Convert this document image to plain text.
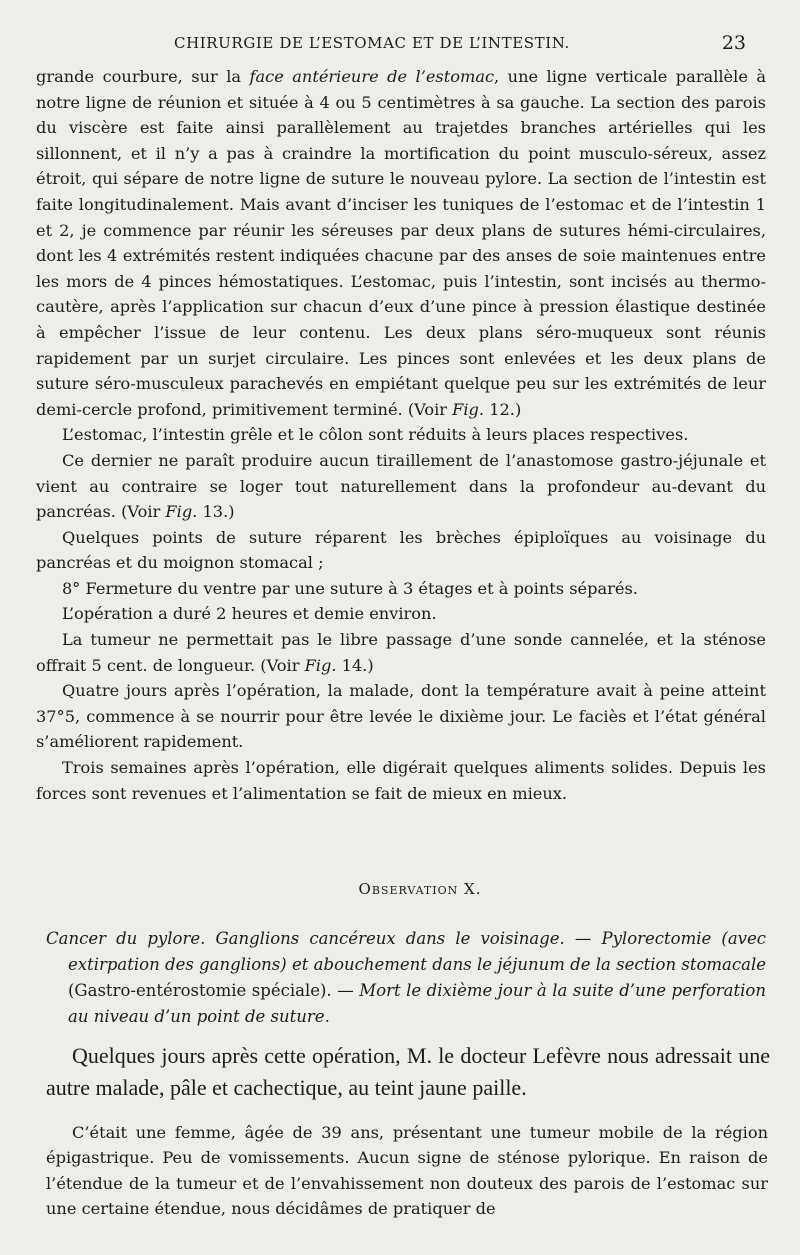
CHIRURGIE DE L’ESTOMAC ET DE L’INTESTIN.	23

grande courbure, sur la face antérieure de l’estomac, une ligne verticale parallèle à notre ligne de réunion et située à 4 ou 5 centimètres à sa gauche. La section des parois du viscère est faite ainsi parallèlement au trajetdes branches artérielles qui les sillonnent, et il n’y a pas à craindre la mortification du point musculo-séreux, assez étroit, qui sépare de notre ligne de suture le nouveau pylore. La section de l’intestin est faite longitudinalement. Mais avant d’inciser les tuniques de l’estomac et de l’intestin 1 et 2, je commence par réunir les séreuses par deux plans de sutures hémi-circulaires, dont les 4 extrémités restent indiquées chacune par des anses de soie maintenues entre les mors de 4 pinces hémostatiques. L’estomac, puis l’intestin, sont incisés au thermo-cautère, après l’application sur chacun d’eux d’une pince à pression élastique destinée à empêcher l’issue de leur contenu. Les deux plans séro-muqueux sont réunis rapidement par un surjet circulaire. Les pinces sont enlevées et les deux plans de suture séro-musculeux parachevés en empiétant quelque peu sur les extrémités de leur demi-cercle profond, primitivement terminé. (Voir Fig. 12.)

L’estomac, l’intestin grêle et le côlon sont réduits à leurs places respectives.

Ce dernier ne paraît produire aucun tiraillement de l’anastomose gastro-jéjunale et vient au contraire se loger tout naturellement dans la profondeur au-devant du pancréas. (Voir Fig. 13.)

Quelques points de suture réparent les brèches épiploïques au voisinage du pancréas et du moignon stomacal ;

8° Fermeture du ventre par une suture à 3 étages et à points séparés.

L’opération a duré 2 heures et demie environ.

La tumeur ne permettait pas le libre passage d’une sonde cannelée, et la sténose offrait 5 cent. de longueur. (Voir Fig. 14.)

Quatre jours après l’opération, la malade, dont la température avait à peine atteint 37°5, commence à se nourrir pour être levée le dixième jour. Le faciès et l’état général s’améliorent rapidement.

Trois semaines après l’opération, elle digérait quelques aliments solides. Depuis les forces sont revenues et l’alimentation se fait de mieux en mieux.

Observation X.

Cancer du pylore. Ganglions cancéreux dans le voisinage. — Pylorectomie (avec extirpation des ganglions) et abouchement dans le jéjunum de la section stomacale (Gastro-entérostomie spéciale). — Mort le dixième jour à la suite d’une perforation au niveau d’un point de suture.

Quelques jours après cette opération, M. le docteur Lefèvre nous adressait une autre malade, pâle et cachectique, au teint jaune paille.

C’était une femme, âgée de 39 ans, présentant une tumeur mobile de la région épigastrique. Peu de vomissements. Aucun signe de sténose pylorique. En raison de l’étendue de la tumeur et de l’envahissement non douteux des parois de l’estomac sur une certaine étendue, nous décidâmes de pratiquer de
